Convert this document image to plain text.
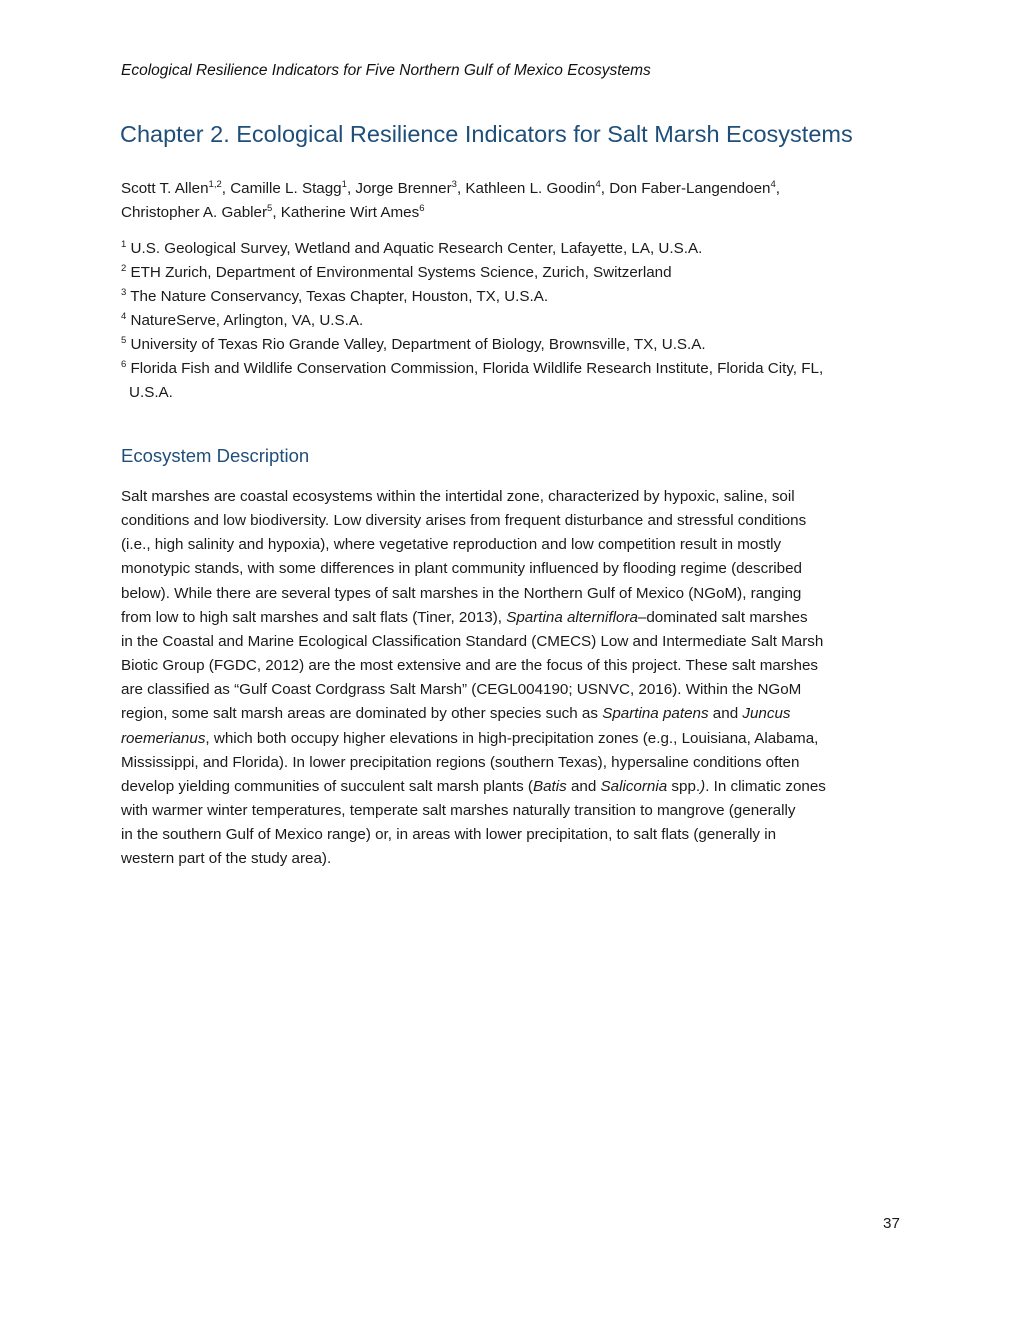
Ecological Resilience Indicators for Five Northern Gulf of Mexico Ecosystems
Chapter 2. Ecological Resilience Indicators for Salt Marsh Ecosystems
Scott T. Allen$^{1,2}$, Camille L. Stagg$^1$, Jorge Brenner$^3$, Kathleen L. Goodin$^4$, Don Faber-Langendoen$^4$,
Christopher A. Gabler$^5$, Katherine Wirt Ames$^6$

$^1$ U.S. Geological Survey, Wetland and Aquatic Research Center, Lafayette, LA, U.S.A.

$^2$ ETH Zurich, Department of Environmental Systems Science, Zurich, Switzerland

$^3$ The Nature Conservancy, Texas Chapter, Houston, TX, U.S.A.

$^4$ NatureServe, Arlington, VA, U.S.A.

$^5$ University of Texas Rio Grande Valley, Department of Biology, Brownsville, TX, U.S.A.

$^6$ Florida Fish and Wildlife Conservation Commission, Florida Wildlife Research Institute, Florida City, FL,
U.S.A.

Ecosystem Description

Salt marshes are coastal ecosystems within the intertidal zone, characterized by hypoxic, saline, soil
conditions and low biodiversity. Low diversity arises from frequent disturbance and stressful conditions
(i.e., high salinity and hypoxia), where vegetative reproduction and low competition result in mostly
monotypic stands, with some differences in plant community influenced by flooding regime (described
below). While there are several types of salt marshes in the Northern Gulf of Mexico (NGoM), ranging
from low to high salt marshes and salt flats (Tiner, 2013), Spartina alterniflora–dominated salt marshes
in the Coastal and Marine Ecological Classification Standard (CMECS) Low and Intermediate Salt Marsh
Biotic Group (FGDC, 2012) are the most extensive and are the focus of this project. These salt marshes
are classified as “Gulf Coast Cordgrass Salt Marsh” (CEGL004190; USNVC, 2016). Within the NGoM
region, some salt marsh areas are dominated by other species such as Spartina patens and Juncus
roemerianus, which both occupy higher elevations in high-precipitation zones (e.g., Louisiana, Alabama,
Mississippi, and Florida). In lower precipitation regions (southern Texas), hypersaline conditions often
develop yielding communities of succulent salt marsh plants (Batis and Salicornia spp.). In climatic zones
with warmer winter temperatures, temperate salt marshes naturally transition to mangrove (generally
in the southern Gulf of Mexico range) or, in areas with lower precipitation, to salt flats (generally in
western part of the study area).

37
